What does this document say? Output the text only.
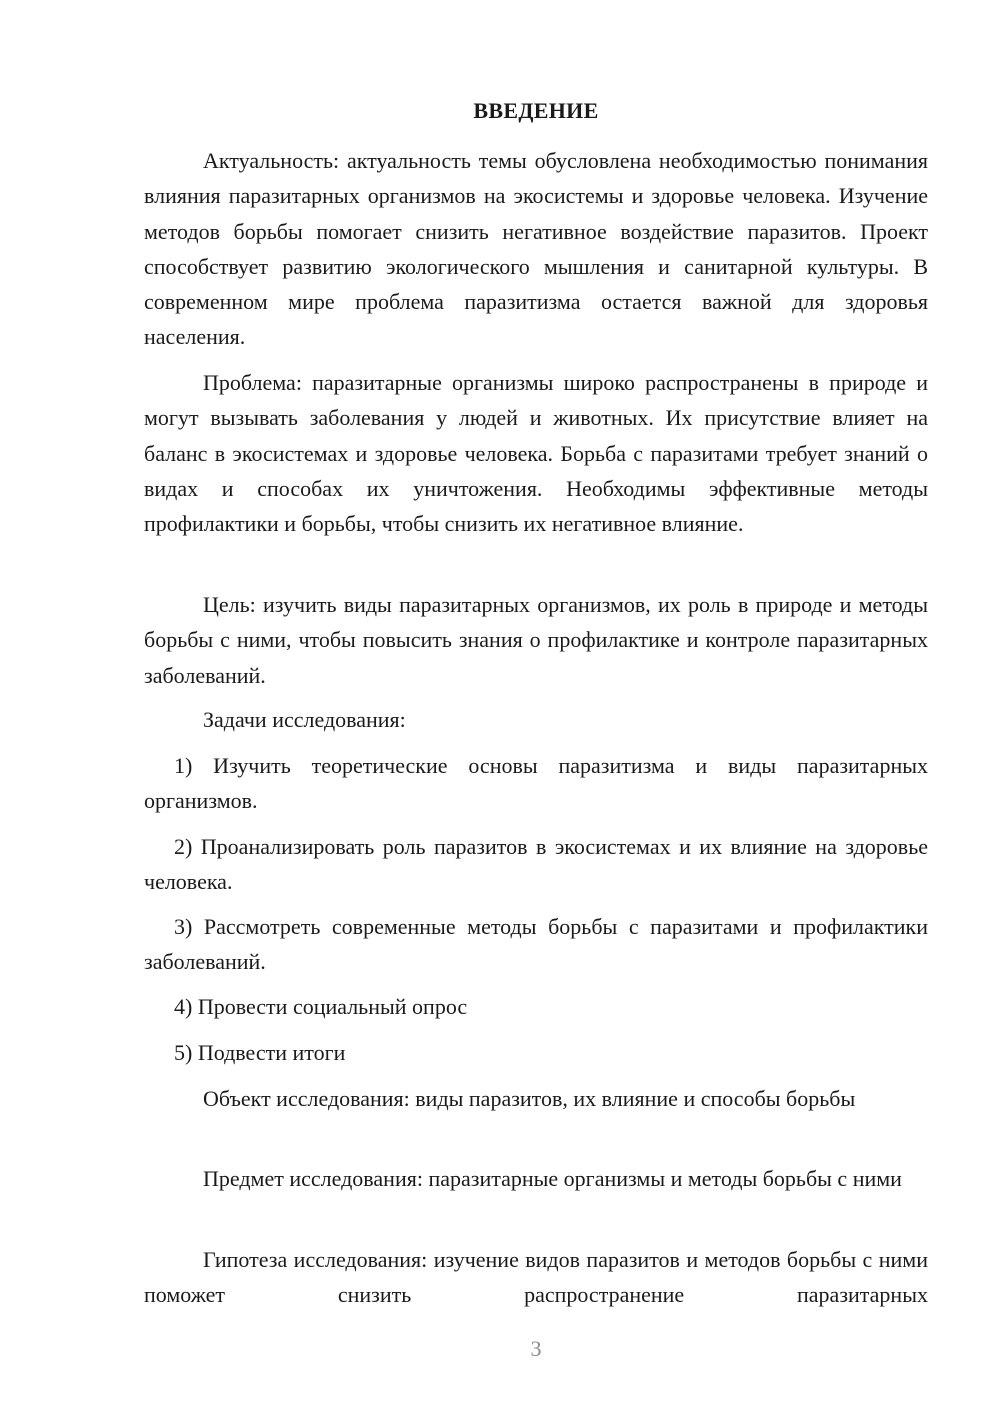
ВВЕДЕНИЕ

Актуальность: актуальность темы обусловлена необходимостью понимания влияния паразитарных организмов на экосистемы и здоровье человека. Изучение методов борьбы помогает снизить негативное воздействие паразитов. Проект способствует развитию экологического мышления и санитарной культуры. В современном мире проблема паразитизма остается важной для здоровья населения.

Проблема: паразитарные организмы широко распространены в природе и могут вызывать заболевания у людей и животных. Их присутствие влияет на баланс в экосистемах и здоровье человека. Борьба с паразитами требует знаний о видах и способах их уничтожения. Необходимы эффективные методы профилактики и борьбы, чтобы снизить их негативное влияние.

Цель: изучить виды паразитарных организмов, их роль в природе и методы борьбы с ними, чтобы повысить знания о профилактике и контроле паразитарных заболеваний.

Задачи исследования:

1) Изучить теоретические основы паразитизма и виды паразитарных организмов.

2) Проанализировать роль паразитов в экосистемах и их влияние на здоровье человека.

3) Рассмотреть современные методы борьбы с паразитами и профилактики заболеваний.

4) Провести социальный опрос

5) Подвести итоги

Объект исследования: виды паразитов, их влияние и способы борьбы

Предмет исследования: паразитарные организмы и методы борьбы с ними

Гипотеза исследования: изучение видов паразитов и методов борьбы с ними поможет снизить распространение паразитарных

3
